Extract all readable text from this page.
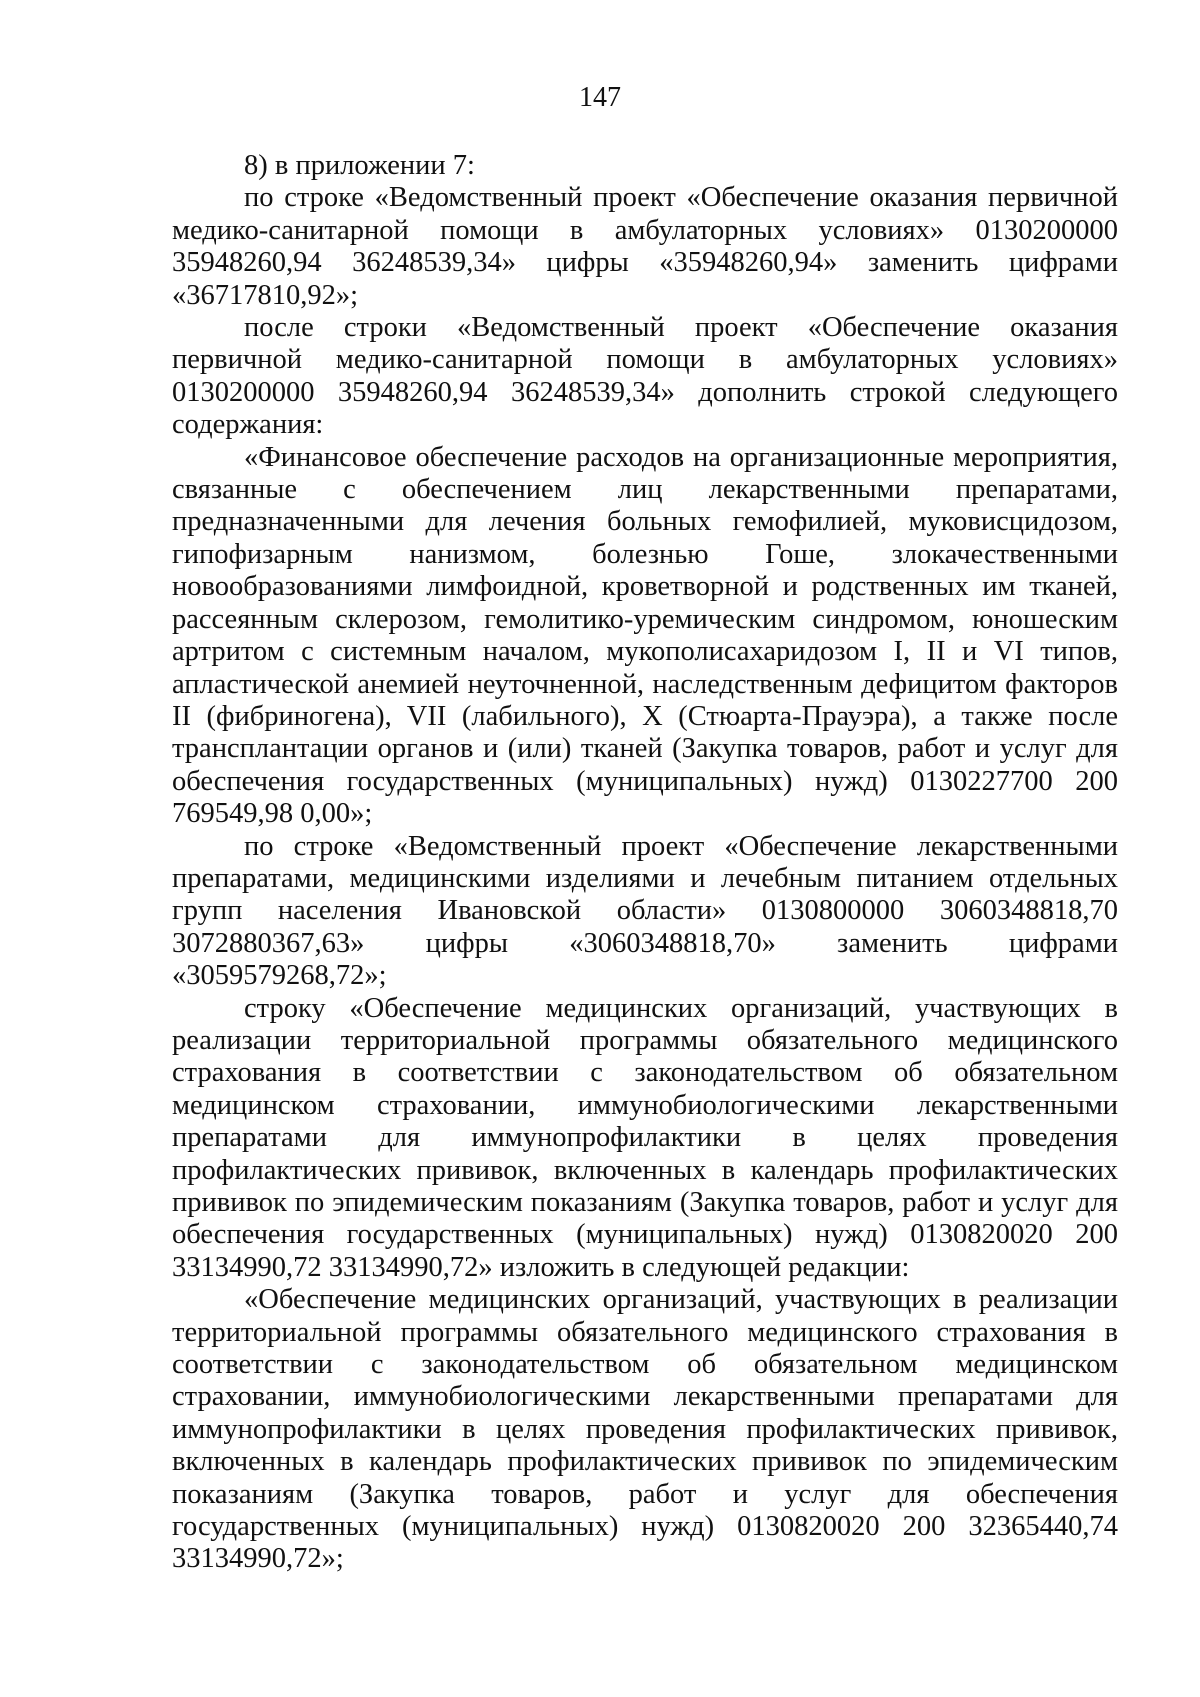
147

8) в приложении 7:

по строке «Ведомственный проект «Обеспечение оказания первичной медико-санитарной помощи в амбулаторных условиях» 0130200000 35948260,94 36248539,34» цифры «35948260,94» заменить цифрами «36717810,92»;

после строки «Ведомственный проект «Обеспечение оказания первичной медико-санитарной помощи в амбулаторных условиях» 0130200000 35948260,94 36248539,34» дополнить строкой следующего содержания:

«Финансовое обеспечение расходов на организационные мероприятия, связанные с обеспечением лиц лекарственными препаратами, предназначенными для лечения больных гемофилией, муковисцидозом, гипофизарным нанизмом, болезнью Гоше, злокачественными новообразованиями лимфоидной, кроветворной и родственных им тканей, рассеянным склерозом, гемолитико-уремическим синдромом, юношеским артритом с системным началом, мукополисахаридозом I, II и VI типов, апластической анемией неуточненной, наследственным дефицитом факторов II (фибриногена), VII (лабильного), X (Стюарта-Прауэра), а также после трансплантации органов и (или) тканей (Закупка товаров, работ и услуг для обеспечения государственных (муниципальных) нужд) 0130227700 200 769549,98 0,00»;

по строке «Ведомственный проект «Обеспечение лекарственными препаратами, медицинскими изделиями и лечебным питанием отдельных групп населения Ивановской области» 0130800000 3060348818,70 3072880367,63» цифры «3060348818,70» заменить цифрами «3059579268,72»;

строку «Обеспечение медицинских организаций, участвующих в реализации территориальной программы обязательного медицинского страхования в соответствии с законодательством об обязательном медицинском страховании, иммунобиологическими лекарственными препаратами для иммунопрофилактики в целях проведения профилактических прививок, включенных в календарь профилактических прививок по эпидемическим показаниям (Закупка товаров, работ и услуг для обеспечения государственных (муниципальных) нужд) 0130820020 200 33134990,72 33134990,72» изложить в следующей редакции:

«Обеспечение медицинских организаций, участвующих в реализации территориальной программы обязательного медицинского страхования в соответствии с законодательством об обязательном медицинском страховании, иммунобиологическими лекарственными препаратами для иммунопрофилактики в целях проведения профилактических прививок, включенных в календарь профилактических прививок по эпидемическим показаниям (Закупка товаров, работ и услуг для обеспечения государственных (муниципальных) нужд) 0130820020 200 32365440,74 33134990,72»;
